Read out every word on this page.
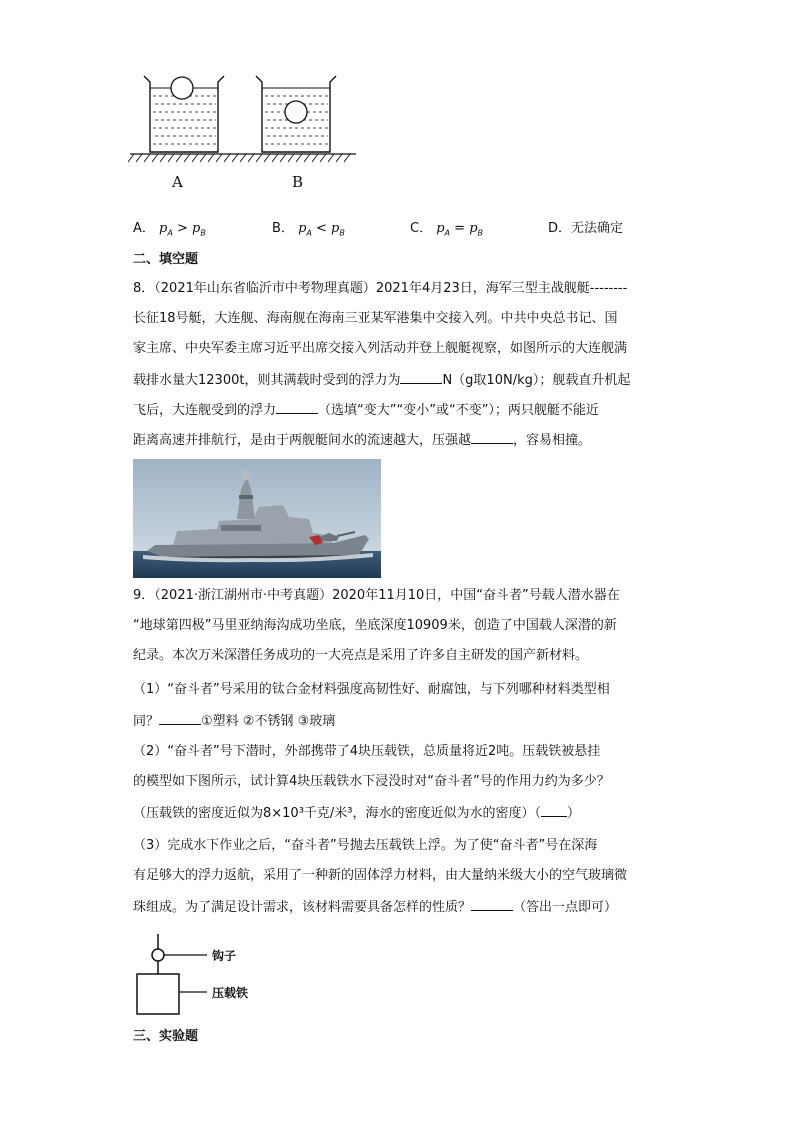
A	B
A． $p_A > p_B$	B． $p_A < p_B$	C． $p_A = p_B$	D．无法确定
二、填空题
8．（2021年山东省临沂市中考物理真题）2021年4月23日，海军三型主战舰艇--------
长征18号艇，大连舰、海南舰在海南三亚某军港集中交接入列。中共中央总书记、国
家主席、中央军委主席习近平出席交接入列活动并登上舰艇视察，如图所示的大连舰满
载排水量大12300t，则其满载时受到的浮力为	N（g取10N/kg）；舰载直升机起
飞后，大连舰受到的浮力	（选填“变大”“变小”或“不变”）；两只舰艇不能近
距离高速并排航行，是由于两舰艇间水的流速越大，压强越	，容易相撞。
9．（2021·浙江湖州市·中考真题）2020年11月10日，中国“奋斗者”号载人潜水器在
“地球第四极”马里亚纳海沟成功坐底，坐底深度10909米，创造了中国载人深潜的新
纪录。本次万米深潜任务成功的一大亮点是采用了许多自主研发的国产新材料。
（1）“奋斗者”号采用的钛合金材料强度高韧性好、耐腐蚀，与下列哪种材料类型相
同？	①塑料 ②不锈钢 ③玻璃
（2）“奋斗者”号下潜时，外部携带了4块压载铁，总质量将近2吨。压载铁被悬挂
的模型如下图所示，试计算4块压载铁水下浸没时对“奋斗者”号的作用力约为多少？
（压载铁的密度近似为8×10³千克/米³，海水的密度近似为水的密度）（ ）
（3）完成水下作业之后，“奋斗者”号抛去压载铁上浮。为了使“奋斗者”号在深海
有足够大的浮力返航，采用了一种新的固体浮力材料，由大量纳米级大小的空气玻璃微
珠组成。为了满足设计需求，该材料需要具备怎样的性质？	（答出一点即可）
钩子
压载铁
三、实验题
